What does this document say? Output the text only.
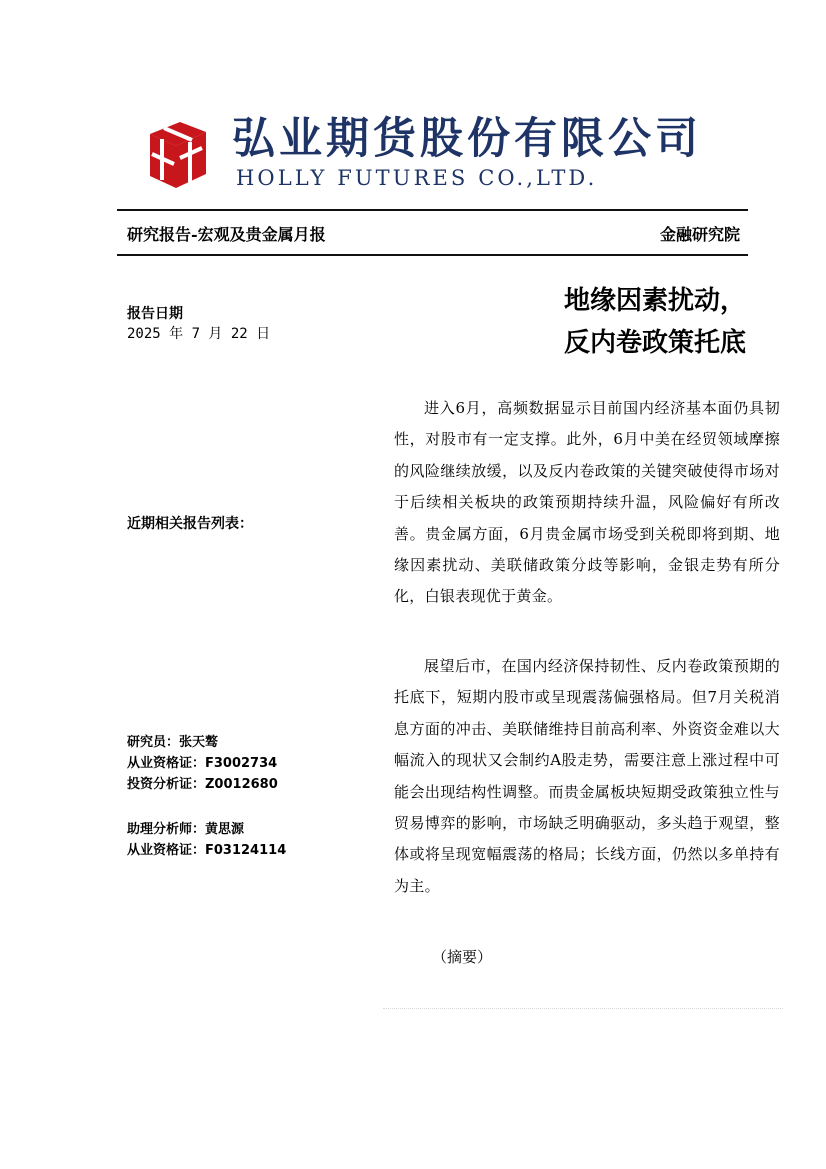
弘业期货股份有限公司
HOLLY FUTURES CO.,LTD.
研究报告-宏观及贵金属月报	金融研究院
地缘因素扰动，
反内卷政策托底
报告日期
2025 年 7 月 22 日
近期相关报告列表：
研究员：张天骜
从业资格证：F3002734
投资分析证：Z0012680
助理分析师：黄思源
从业资格证：F03124114

进入6月，高频数据显示目前国内经济基本面仍具韧性，对股市有一定支撑。此外，6月中美在经贸领域摩擦的风险继续放缓，以及反内卷政策的关键突破使得市场对于后续相关板块的政策预期持续升温，风险偏好有所改善。贵金属方面，6月贵金属市场受到关税即将到期、地缘因素扰动、美联储政策分歧等影响，金银走势有所分化，白银表现优于黄金。

展望后市，在国内经济保持韧性、反内卷政策预期的托底下，短期内股市或呈现震荡偏强格局。但7月关税消息方面的冲击、美联储维持目前高利率、外资资金难以大幅流入的现状又会制约A股走势，需要注意上涨过程中可能会出现结构性调整。而贵金属板块短期受政策独立性与贸易博弈的影响，市场缺乏明确驱动，多头趋于观望，整体或将呈现宽幅震荡的格局；长线方面，仍然以多单持有为主。

（摘要）
